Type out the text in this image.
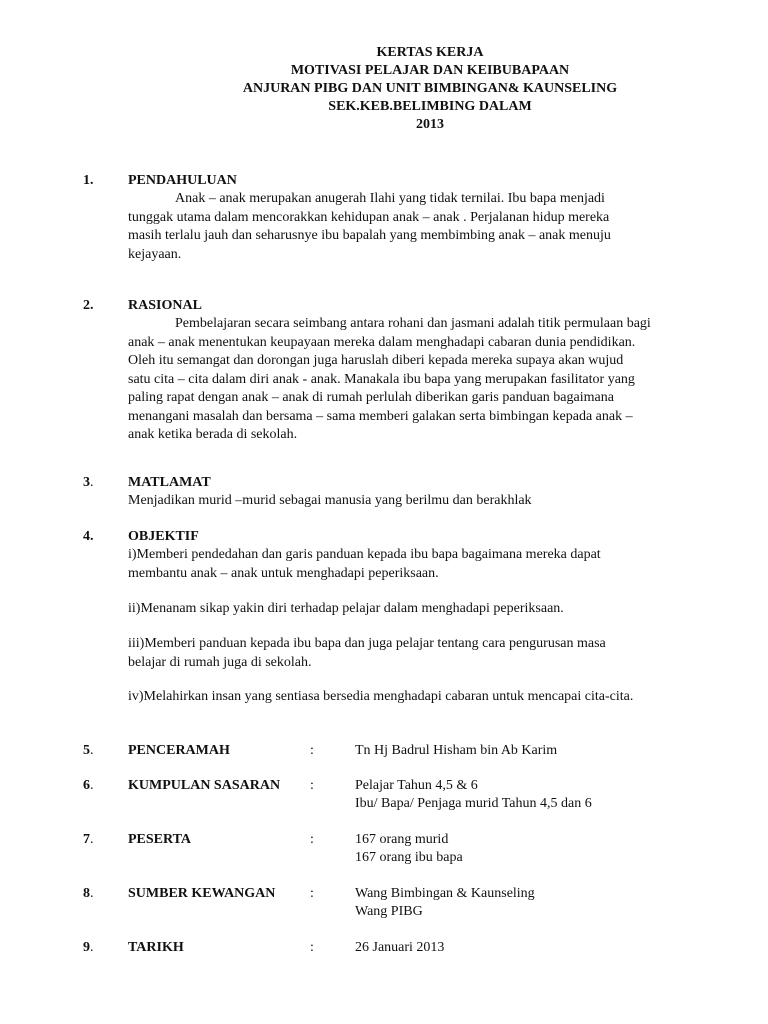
KERTAS KERJA
MOTIVASI PELAJAR DAN KEIBUBAPAAN
ANJURAN PIBG DAN UNIT BIMBINGAN& KAUNSELING
SEK.KEB.BELIMBING DALAM
2013
1. PENDAHULUAN
Anak – anak merupakan anugerah Ilahi yang tidak ternilai. Ibu bapa menjadi
tunggak utama dalam mencorakkan kehidupan anak – anak . Perjalanan hidup mereka
masih terlalu jauh dan seharusnye ibu bapalah yang membimbing anak – anak menuju
kejayaan.
2. RASIONAL
Pembelajaran secara seimbang antara rohani dan jasmani adalah titik permulaan bagi
anak – anak menentukan keupayaan mereka dalam menghadapi cabaran dunia pendidikan.
Oleh itu semangat dan dorongan juga haruslah diberi kepada mereka supaya akan wujud
satu cita – cita dalam diri anak - anak. Manakala ibu bapa yang merupakan fasilitator yang
paling rapat dengan anak – anak di rumah perlulah diberikan garis panduan bagaimana
menangani masalah dan bersama – sama memberi galakan serta bimbingan kepada anak –
anak ketika berada di sekolah.
3. MATLAMAT
Menjadikan murid –murid sebagai manusia yang berilmu dan berakhlak
4. OBJEKTIF
i)Memberi pendedahan dan garis panduan kepada ibu bapa bagaimana mereka dapat
membantu anak – anak untuk menghadapi peperiksaan.
ii)Menanam sikap yakin diri terhadap pelajar dalam menghadapi peperiksaan.
iii)Memberi panduan kepada ibu bapa dan juga pelajar tentang cara pengurusan masa
belajar di rumah juga di sekolah.
iv)Melahirkan insan yang sentiasa bersedia menghadapi cabaran untuk mencapai cita-cita.
5. PENCERAMAH	:	Tn Hj Badrul Hisham bin Ab Karim
6. KUMPULAN SASARAN :	Pelajar Tahun 4,5 & 6
Ibu/ Bapa/ Penjaga murid Tahun 4,5 dan 6
7. PESERTA	:	167 orang murid
167 orang ibu bapa
8. SUMBER KEWANGAN :	Wang Bimbingan & Kaunseling
Wang PIBG
9. TARIKH	:	26 Januari 2013
